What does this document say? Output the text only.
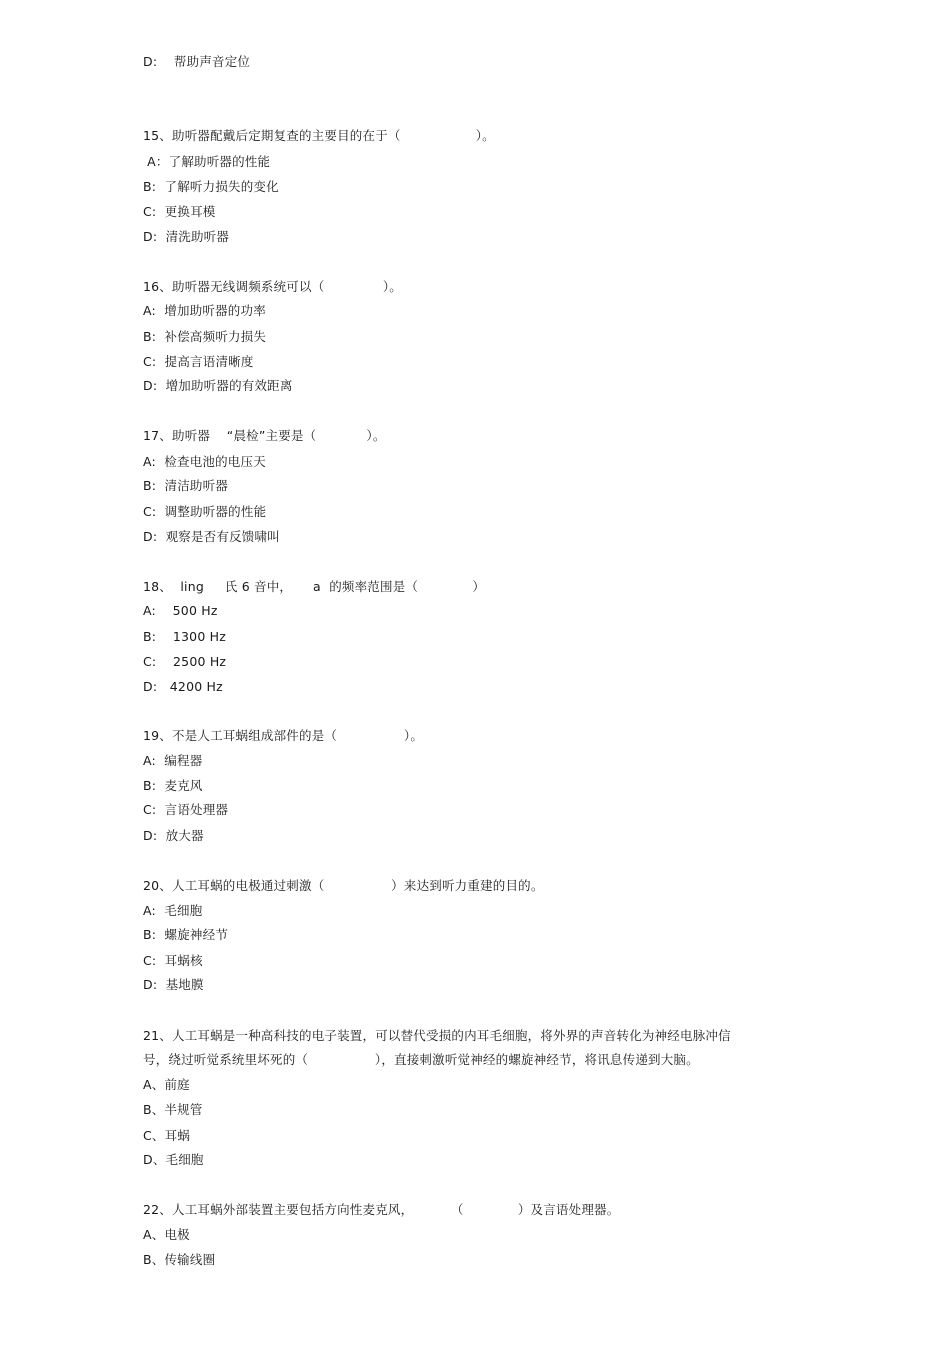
D:    帮助声音定位
15、助听器配戴后定期复查的主要目的在于（                  ）。
A：了解助听器的性能
B:  了解听力损失的变化
C:  更换耳模
D:  清洗助听器
16、助听器无线调频系统可以（              ）。
A:  增加助听器的功率
B:  补偿高频听力损失
C:  提高言语清晰度
D:  增加助听器的有效距离
17、助听器    “晨检”主要是（            ）。
A:  检查电池的电压天
B:  清洁助听器
C:  调整助听器的性能
D:  观察是否有反馈啸叫
18、  ling     氏 6 音中，     a  的频率范围是（             ）
A:    500 Hz
B:    1300 Hz
C:    2500 Hz
D:   4200 Hz
19、不是人工耳蜗组成部件的是（                ）。
A:  编程器
B:  麦克风
C:  言语处理器
D:  放大器
20、人工耳蜗的电极通过刺激（                ）来达到听力重建的目的。
A:  毛细胞
B:  螺旋神经节
C:  耳蜗核
D:  基地膜
21、人工耳蜗是一种高科技的电子装置，可以替代受损的内耳毛细胞，将外界的声音转化为神经电脉冲信
号，绕过听觉系统里坏死的（                ），直接刺激听觉神经的螺旋神经节，将讯息传递到大脑。
A、前庭
B、半规管
C、耳蜗
D、毛细胞
22、人工耳蜗外部装置主要包括方向性麦克风，         （             ）及言语处理器。
A、电极
B、传输线圈
